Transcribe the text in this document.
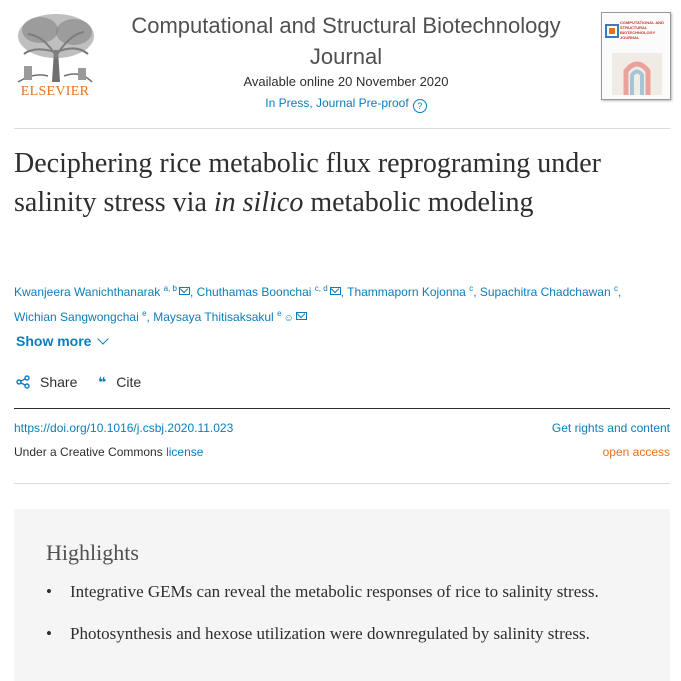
ELSEVIER
Computational and Structural Biotechnology Journal
Available online 20 November 2020
In Press, Journal Pre-proof ?
COMPUTATIONAL AND STRUCTURAL BIOTECHNOLOGY JOURNAL
Deciphering rice metabolic flux reprograming under salinity stress via in silico metabolic modeling
Kwanjeera Wanichthanarak $^{a, b}$ , Chuthamas Boonchai $^{c, d}$ , Thammaporn Kojonna $^c$, Supachitra Chadchawan $^c$,
Wichian Sangwongchai $^e$, Maysaya Thitisaksakul $^e$ ☺
Show more
Share ❝ Cite
https://doi.org/10.1016/j.csbj.2020.11.023	Get rights and content
Under a Creative Commons license	open access
Highlights
• Integrative GEMs can reveal the metabolic responses of rice to salinity stress.
• Photosynthesis and hexose utilization were downregulated by salinity stress.
